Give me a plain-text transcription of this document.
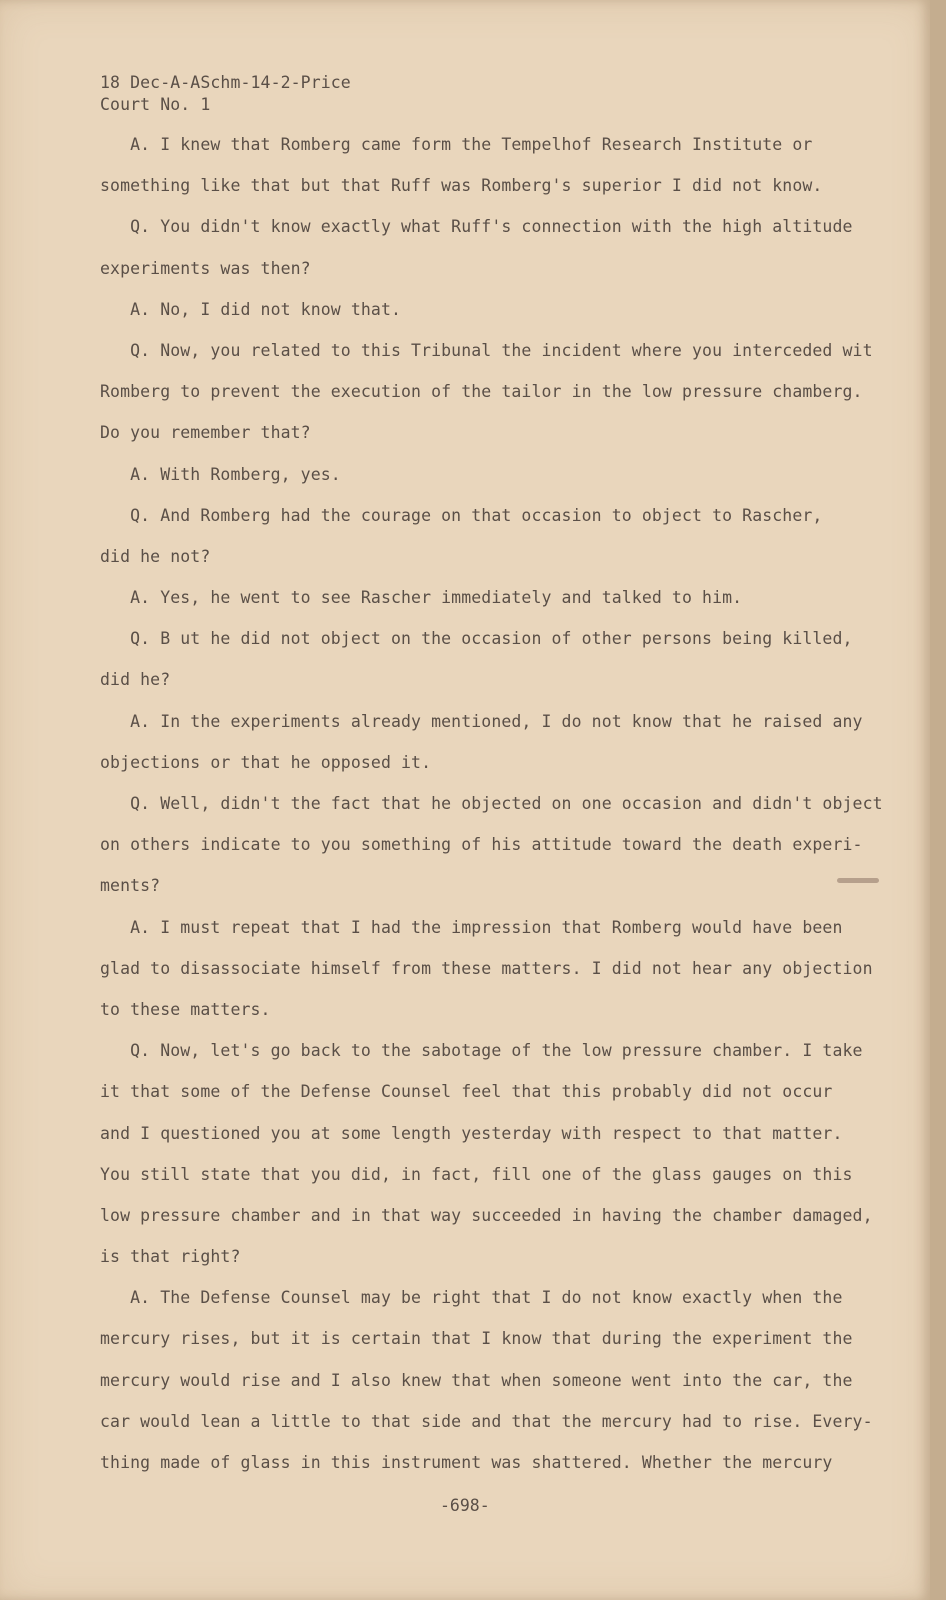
18 Dec-A-ASchm-14-2-Price
Court No. 1
A. I knew that Romberg came form the Tempelhof Research Institute or
something like that but that Ruff was Romberg's superior I did not know.
Q. You didn't know exactly what Ruff's connection with the high altitude
experiments was then?
A. No, I did not know that.
Q. Now, you related to this Tribunal the incident where you interceded wit
Romberg to prevent the execution of the tailor in the low pressure chamberg.
Do you remember that?
A. With Romberg, yes.
Q. And Romberg had the courage on that occasion to object to Rascher,
did he not?
A. Yes, he went to see Rascher immediately and talked to him.
Q. B ut he did not object on the occasion of other persons being killed,
did he?
A. In the experiments already mentioned, I do not know that he raised any
objections or that he opposed it.
Q. Well, didn't the fact that he objected on one occasion and didn't object
on others indicate to you something of his attitude toward the death experi-
ments?
A. I must repeat that I had the impression that Romberg would have been
glad to disassociate himself from these matters. I did not hear any objection
to these matters.
Q. Now, let's go back to the sabotage of the low pressure chamber. I take
it that some of the Defense Counsel feel that this probably did not occur
and I questioned you at some length yesterday with respect to that matter.
You still state that you did, in fact, fill one of the glass gauges on this
low pressure chamber and in that way succeeded in having the chamber damaged,
is that right?
A. The Defense Counsel may be right that I do not know exactly when the
mercury rises, but it is certain that I know that during the experiment the
mercury would rise and I also knew that when someone went into the car, the
car would lean a little to that side and that the mercury had to rise. Every-
thing made of glass in this instrument was shattered. Whether the mercury
-698-
